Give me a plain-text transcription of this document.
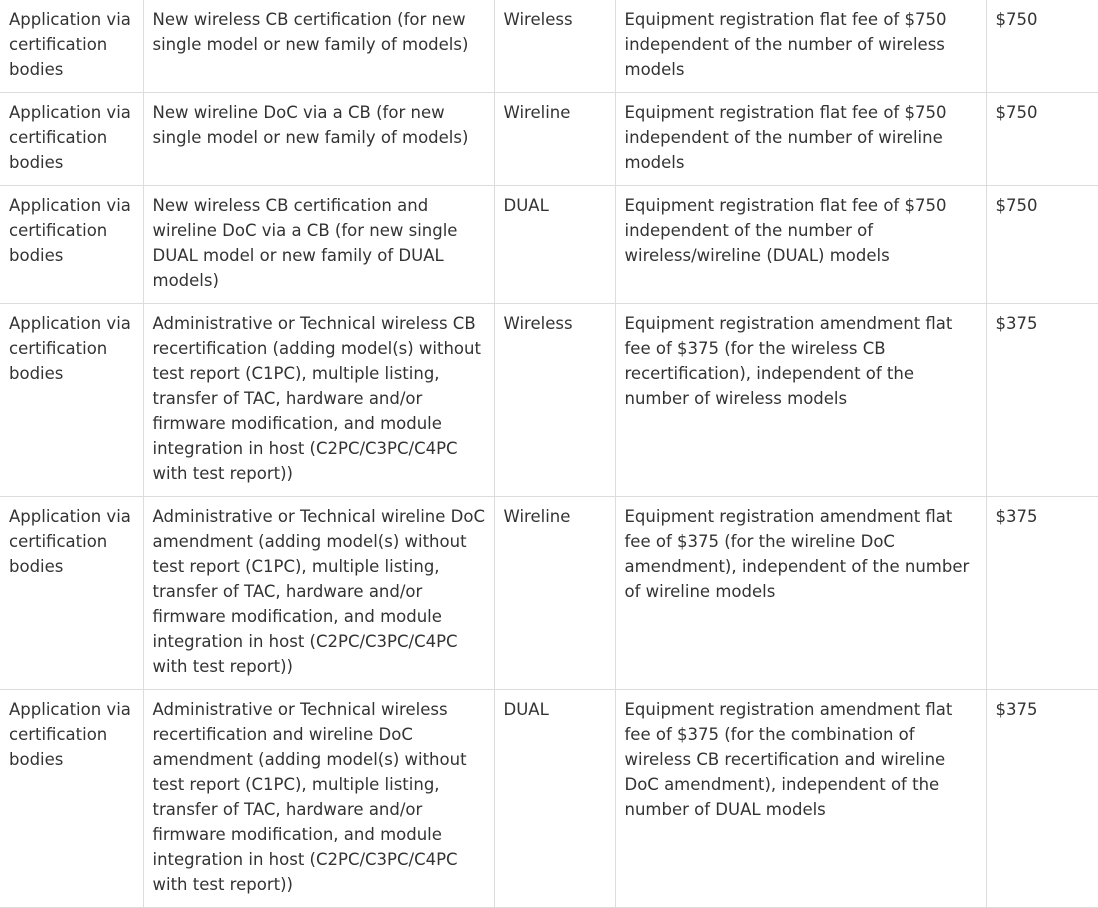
Application via certification bodies	New wireless CB certification (for new single model or new family of models)	Wireless	Equipment registration flat fee of $750 independent of the number of wireless models	$750
Application via certification bodies	New wireline DoC via a CB (for new single model or new family of models)	Wireline	Equipment registration flat fee of $750 independent of the number of wireline models	$750
Application via certification bodies	New wireless CB certification and wireline DoC via a CB (for new single DUAL model or new family of DUAL models)	DUAL	Equipment registration flat fee of $750 independent of the number of wireless/wireline (DUAL) models	$750
Application via certification bodies	Administrative or Technical wireless CB recertification (adding model(s) without test report (C1PC), multiple listing, transfer of TAC, hardware and/or firmware modification, and module integration in host (C2PC/C3PC/C4PC with test report))	Wireless	Equipment registration amendment flat fee of $375 (for the wireless CB recertification), independent of the number of wireless models	$375
Application via certification bodies	Administrative or Technical wireline DoC amendment (adding model(s) without test report (C1PC), multiple listing, transfer of TAC, hardware and/or firmware modification, and module integration in host (C2PC/C3PC/C4PC with test report))	Wireline	Equipment registration amendment flat fee of $375 (for the wireline DoC amendment), independent of the number of wireline models	$375
Application via certification bodies	Administrative or Technical wireless recertification and wireline DoC amendment (adding model(s) without test report (C1PC), multiple listing, transfer of TAC, hardware and/or firmware modification, and module integration in host (C2PC/C3PC/C4PC with test report))	DUAL	Equipment registration amendment flat fee of $375 (for the combination of wireless CB recertification and wireline DoC amendment), independent of the number of DUAL models	$375
